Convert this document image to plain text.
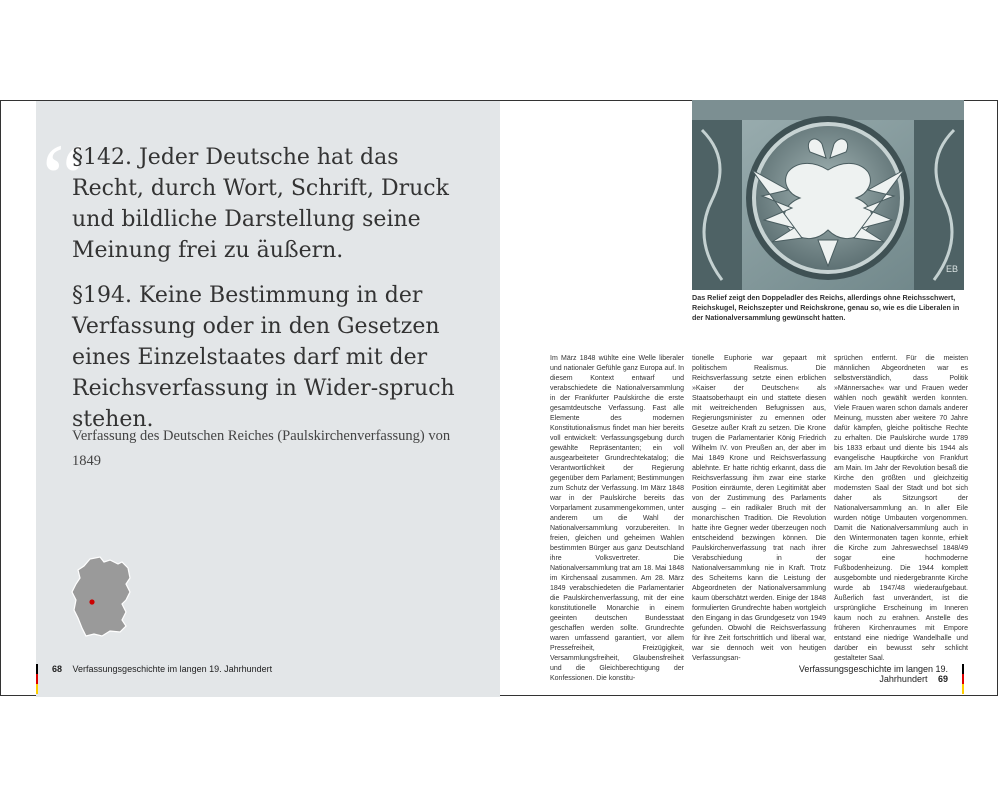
“

§142. Jeder Deutsche hat das Recht, durch Wort, Schrift, Druck und bildliche Darstellung seine Meinung frei zu äußern.

§194. Keine Bestimmung in der Verfassung oder in den Gesetzen eines Einzelstaates darf mit der Reichsverfassung in Wider-spruch stehen.

Verfassung des Deutschen Reiches (Paulskirchenverfassung) von 1849
68 Verfassungsgeschichte im langen 19. Jahrhundert
EB
Das Relief zeigt den Doppeladler des Reichs, allerdings ohne Reichsschwert, Reichskugel, Reichszepter und Reichskrone, genau so, wie es die Liberalen in der Nationalversammlung gewünscht hatten.

Im März 1848 wühlte eine Welle liberaler und nationaler Gefühle ganz Europa auf. In diesem Kontext entwarf und verabschiedete die Nationalversammlung in der Frankfurter Paulskirche die erste gesamtdeutsche Verfassung. Fast alle Elemente des modernen Konstitutionalismus findet man hier bereits voll entwickelt: Verfassungsgebung durch gewählte Repräsentanten; ein voll ausgearbeiteter Grundrechtekatalog; die Verantwortlichkeit der Regierung gegenüber dem Parlament; Bestimmungen zum Schutz der Verfassung. Im März 1848 war in der Paulskirche bereits das Vorparlament zusammengekommen, unter anderem um die Wahl der Nationalversammlung vorzubereiten. In freien, gleichen und geheimen Wahlen bestimmten Bürger aus ganz Deutschland ihre Volksvertreter. Die Nationalversammlung trat am 18. Mai 1848 im Kirchensaal zusammen. Am 28. März 1849 verabschiedeten die Parlamentarier die Paulskirchenverfassung, mit der eine konstitutionelle Monarchie in einem geeinten deutschen Bundesstaat geschaffen werden sollte. Grundrechte waren umfassend garantiert, vor allem Pressefreiheit, Freizügigkeit, Versammlungsfreiheit, Glaubensfreiheit und die Gleichberechtigung der Konfessionen. Die konstitu-

tionelle Euphorie war gepaart mit politischem Realismus. Die Reichsverfassung setzte einen erblichen »Kaiser der Deutschen« als Staatsoberhaupt ein und stattete diesen mit weitreichenden Befugnissen aus, Regierungsminister zu ernennen oder Gesetze außer Kraft zu setzen. Die Krone trugen die Parlamentarier König Friedrich Wilhelm IV. von Preußen an, der aber im Mai 1849 Krone und Reichsverfassung ablehnte. Er hatte richtig erkannt, dass die Reichsverfassung ihm zwar eine starke Position einräumte, deren Legitimität aber von der Zustimmung des Parlaments ausging – ein radikaler Bruch mit der monarchischen Tradition. Die Revolution hatte ihre Gegner weder überzeugen noch entscheidend bezwingen können. Die Paulskirchenverfassung trat nach ihrer Verabschiedung in der Nationalversammlung nie in Kraft. Trotz des Scheiterns kann die Leistung der Abgeordneten der Nationalversammlung kaum überschätzt werden. Einige der 1848 formulierten Grundrechte haben wortgleich den Eingang in das Grundgesetz von 1949 gefunden. Obwohl die Reichsverfassung für ihre Zeit fortschrittlich und liberal war, war sie dennoch weit von heutigen Verfassungsan-

sprüchen entfernt. Für die meisten männlichen Abgeordneten war es selbstverständlich, dass Politik »Männersache« war und Frauen weder wählen noch gewählt werden konnten. Viele Frauen waren schon damals anderer Meinung, mussten aber weitere 70 Jahre dafür kämpfen, gleiche politische Rechte zu erhalten. Die Paulskirche wurde 1789 bis 1833 erbaut und diente bis 1944 als evangelische Hauptkirche von Frankfurt am Main. Im Jahr der Revolution besaß die Kirche den größten und gleichzeitig modernsten Saal der Stadt und bot sich daher als Sitzungsort der Nationalversammlung an. In aller Eile wurden nötige Umbauten vorgenommen. Damit die Nationalversammlung auch in den Wintermonaten tagen konnte, erhielt die Kirche zum Jahreswechsel 1848/49 sogar eine hochmoderne Fußbodenheizung. Die 1944 komplett ausgebombte und niedergebrannte Kirche wurde ab 1947/48 wiederaufgebaut. Äußerlich fast unverändert, ist die ursprüngliche Erscheinung im Inneren kaum noch zu erahnen. Anstelle des früheren Kirchenraumes mit Empore entstand eine niedrige Wandelhalle und darüber ein bewusst sehr schlicht gestalteter Saal.

Verfassungsgeschichte im langen 19. Jahrhundert 69
